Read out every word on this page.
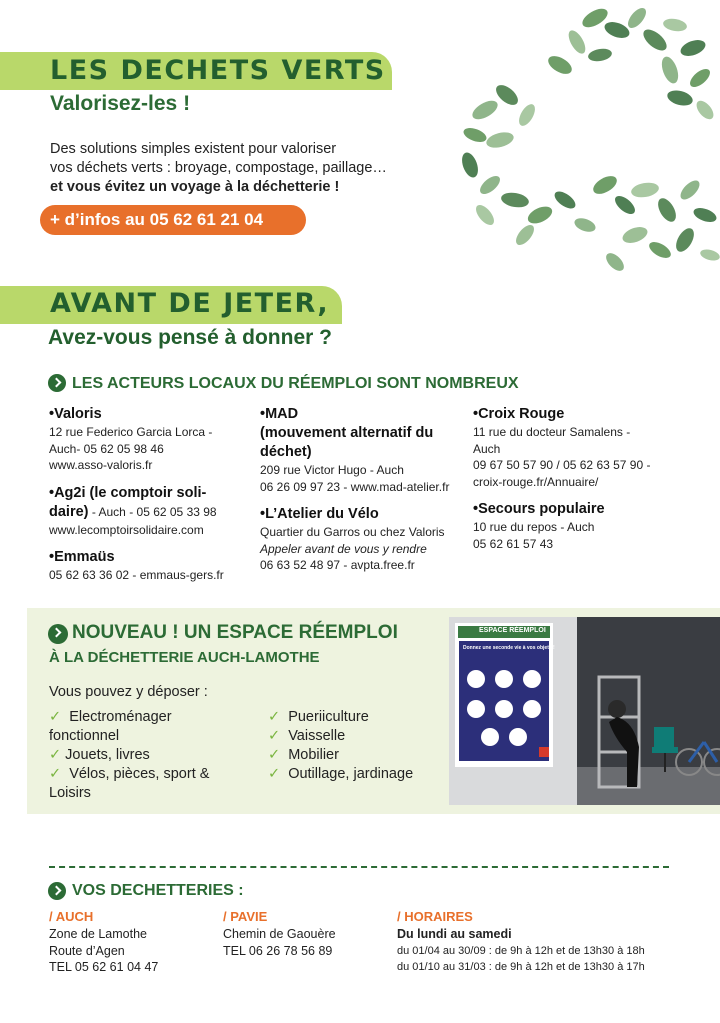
LES DECHETS VERTS
Valorisez-les !
Des solutions simples existent pour valoriser
vos déchets verts : broyage, compostage, paillage…
et vous évitez un voyage à la déchetterie !
+ d’infos au 05 62 61 21 04
AVANT DE JETER,
Avez-vous pensé à donner ?
LES ACTEURS LOCAUX DU RÉEMPLOI SONT NOMBREUX
•Valoris
12 rue Federico Garcia Lorca -
Auch- 05 62 05 98 46
www.asso-valoris.fr
•Ag2i (le comptoir soli-
daire) - Auch - 05 62 05 33 98
www.lecomptoirsolidaire.com
•Emmaüs
05 62 63 36 02 - emmaus-gers.fr
•MAD
(mouvement alternatif du
déchet)
209 rue Victor Hugo - Auch
06 26 09 97 23 - www.mad-atelier.fr
•L’Atelier du Vélo
Quartier du Garros ou chez Valoris
Appeler avant de vous y rendre
06 63 52 48 97 - avpta.free.fr
•Croix Rouge
11 rue du docteur Samalens -
Auch
09 67 50 57 90 / 05 62 63 57 90 -
croix-rouge.fr/Annuaire/
•Secours populaire
10 rue du repos - Auch
05 62 61 57 43
NOUVEAU ! UN ESPACE RÉEMPLOI
À LA DÉCHETTERIE AUCH-LAMOTHE
Vous pouvez y déposer :
✓ Electroménager
fonctionnel
✓ Jouets, livres
✓ Vélos, pièces, sport &
Loisirs
✓ Pueriiculture
✓ Vaisselle
✓ Mobilier
✓ Outillage, jardinage
ESPACE RÉEMPLOI
Donnez une seconde vie à vos objets !
VOS DECHETTERIES :
/ AUCH
Zone de Lamothe
Route d’Agen
TEL 05 62 61 04 47
/ PAVIE
Chemin de Gaouère
TEL 06 26 78 56 89
/ HORAIRES
Du lundi au samedi
du 01/04 au 30/09 : de 9h à 12h et de 13h30 à 18h
du 01/10 au 31/03 : de 9h à 12h et de 13h30 à 17h
